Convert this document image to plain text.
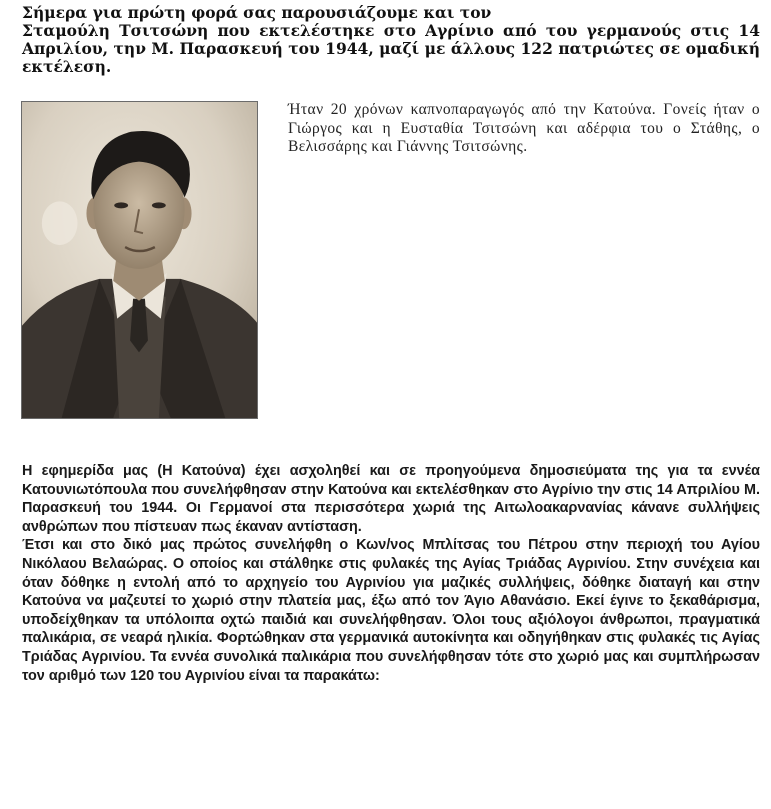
Σήμερα για πρώτη φορά σας παρουσιάζουμε και τον

Σταμούλη Τσιτσώνη που εκτελέστηκε στο Αγρίνιο από του γερμανούς στις 14 Απριλίου, την Μ. Παρασκευή του 1944, μαζί με άλλους 122 πατριώτες σε ομαδική εκτέλεση.

Ήταν 20 χρόνων καπνοπαραγωγός από την Κατούνα. Γονείς ήταν ο Γιώργος και η Ευσταθία Τσιτσώνη και αδέρφια του ο Στάθης, ο Βελισσάρης και Γιάννης Τσιτσώνης.

Η εφημερίδα μας (Η Κατούνα) έχει ασχοληθεί και σε προηγούμενα δημοσιεύματα της για τα εννέα Κατουνιωτόπουλα που συνελήφθησαν στην Κατούνα και εκτελέσθηκαν στο Αγρίνιο την στις 14 Απριλίου Μ. Παρασκευή του 1944. Οι Γερμανοί στα περισσότερα χωριά της Αιτωλοακαρνανίας κάνανε συλλήψεις ανθρώπων που πίστευαν πως έκαναν αντίσταση.

Έτσι και στο δικό μας πρώτος συνελήφθη ο Κων/νος Μπλίτσας του Πέτρου στην περιοχή του Αγίου Νικόλαου Βελαώρας. Ο οποίος και στάλθηκε στις φυλακές της Αγίας Τριάδας Αγρινίου. Στην συνέχεια και όταν δόθηκε η εντολή από το αρχηγείο του Αγρινίου για μαζικές συλλήψεις, δόθηκε διαταγή και στην Κατούνα να μαζευτεί το χωριό στην πλατεία μας, έξω από τον Άγιο Αθανάσιο. Εκεί έγινε το ξεκαθάρισμα, υποδείχθηκαν τα υπόλοιπα οχτώ παιδιά και συνελήφθησαν. Όλοι τους αξιόλογοι άνθρωποι, πραγματικά παλικάρια, σε νεαρά ηλικία. Φορτώθηκαν στα γερμανικά αυτοκίνητα και οδηγήθηκαν στις φυλακές τις Αγίας Τριάδας Αγρινίου. Τα εννέα συνολικά παλικάρια που συνελήφθησαν τότε στο χωριό μας και συμπλήρωσαν τον αριθμό των 120 του Αγρινίου είναι τα παρακάτω:
